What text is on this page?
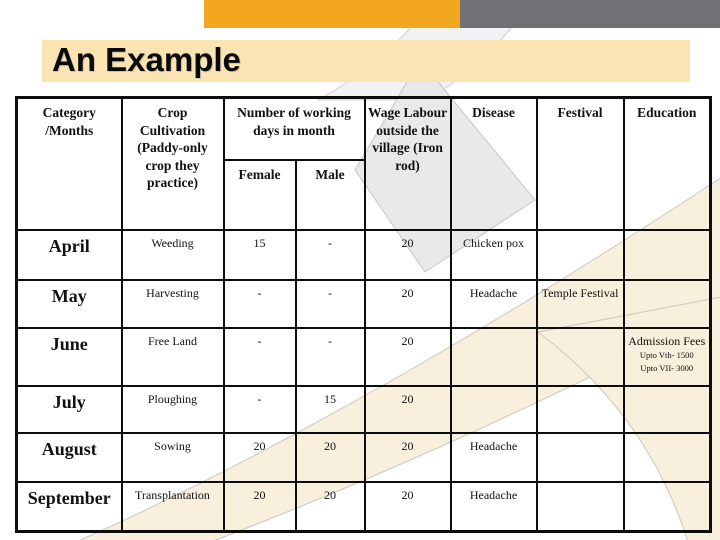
An Example
Category /Months	Crop Cultivation (Paddy-only crop they practice)	Number of working days in month		Wage Labour outside the village (Iron rod)	Disease	Festival	Education
		Female	Male				
April	Weeding	15	-	20	Chicken pox		
May	Harvesting	-	-	20	Headache	Temple Festival	
June	Free Land	-	-	20			Admission Fees
Upto Vth- 1500
Upto VII- 3000

July	Ploughing	-	15	20			
August	Sowing	20	20	20	Headache		
September	Transplantation	20	20	20	Headache		
